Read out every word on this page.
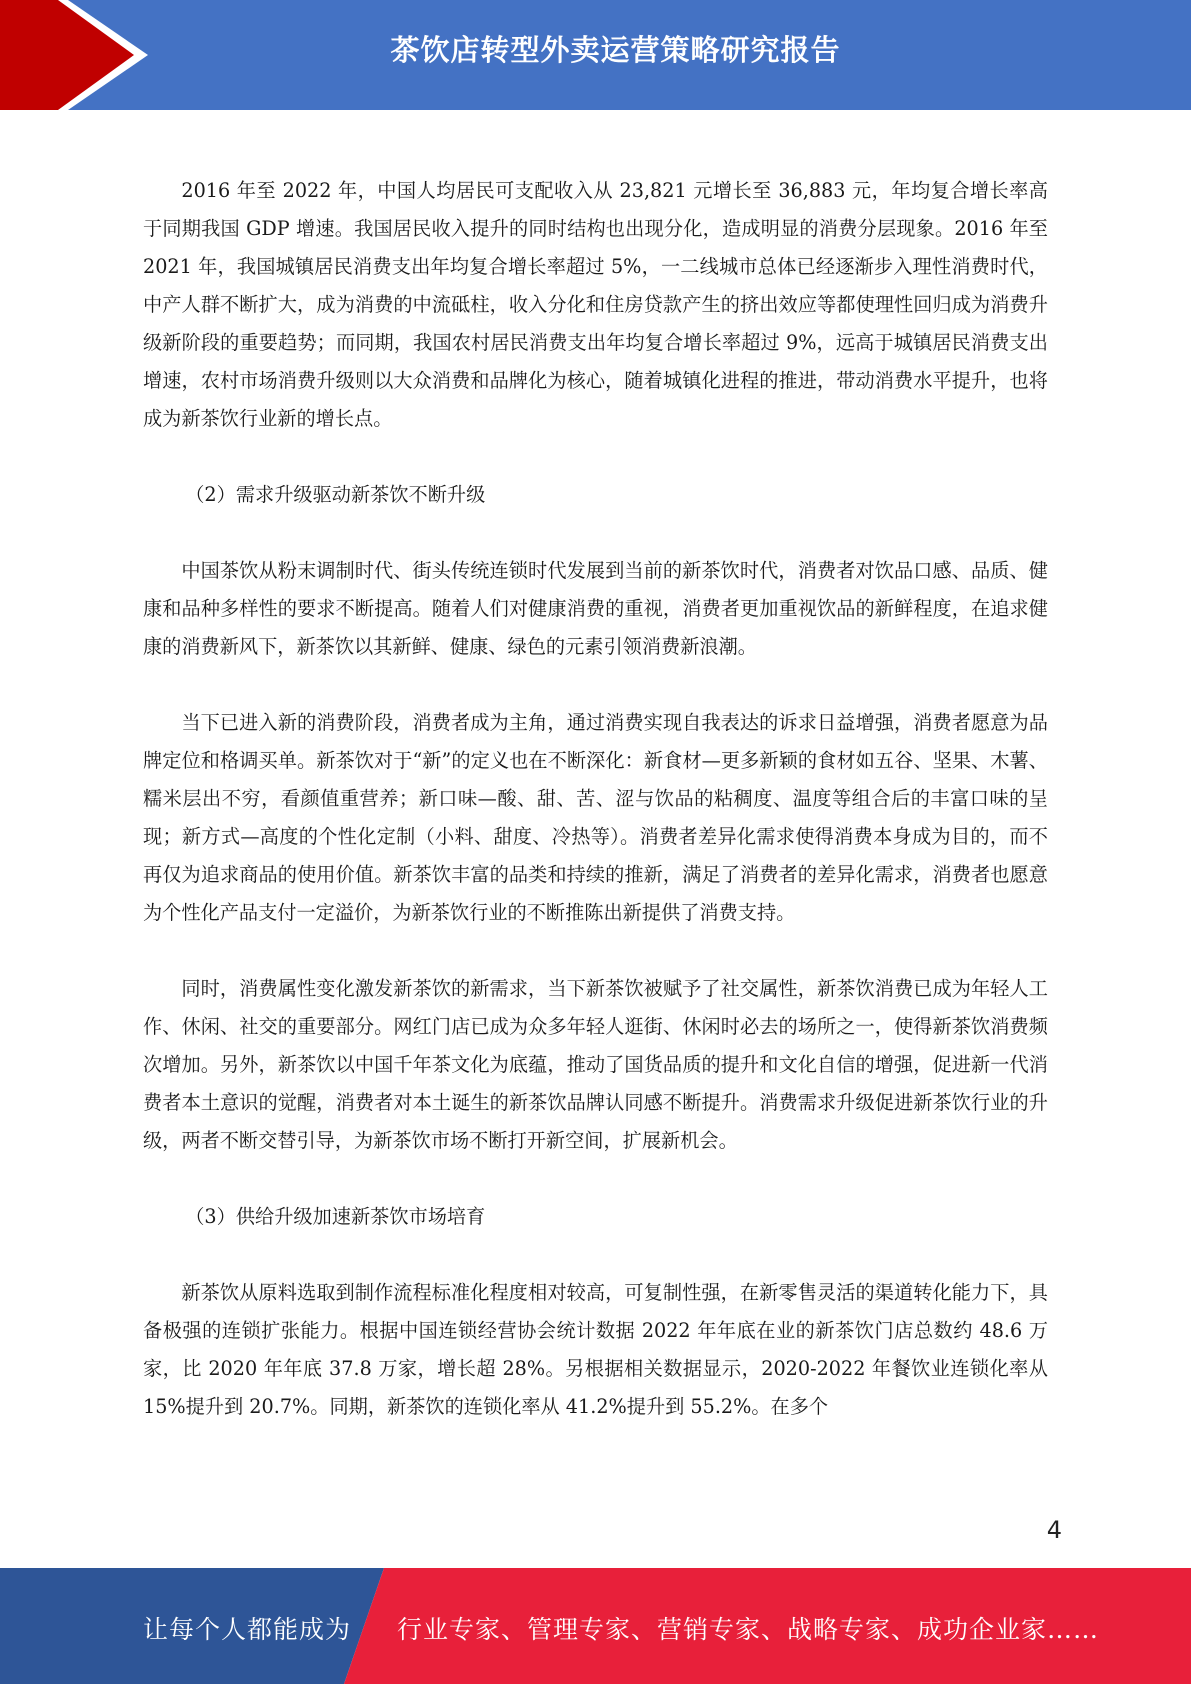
茶饮店转型外卖运营策略研究报告

2016 年至 2022 年，中国人均居民可支配收入从 23,821 元增长至 36,883 元，年均复合增长率高于同期我国 GDP 增速。我国居民收入提升的同时结构也出现分化，造成明显的消费分层现象。2016 年至 2021 年，我国城镇居民消费支出年均复合增长率超过 5%，一二线城市总体已经逐渐步入理性消费时代，中产人群不断扩大，成为消费的中流砥柱，收入分化和住房贷款产生的挤出效应等都使理性回归成为消费升级新阶段的重要趋势；而同期，我国农村居民消费支出年均复合增长率超过 9%，远高于城镇居民消费支出增速，农村市场消费升级则以大众消费和品牌化为核心，随着城镇化进程的推进，带动消费水平提升，也将成为新茶饮行业新的增长点。

（2）需求升级驱动新茶饮不断升级

中国茶饮从粉末调制时代、街头传统连锁时代发展到当前的新茶饮时代，消费者对饮品口感、品质、健康和品种多样性的要求不断提高。随着人们对健康消费的重视，消费者更加重视饮品的新鲜程度，在追求健康的消费新风下，新茶饮以其新鲜、健康、绿色的元素引领消费新浪潮。

当下已进入新的消费阶段，消费者成为主角，通过消费实现自我表达的诉求日益增强，消费者愿意为品牌定位和格调买单。新茶饮对于“新”的定义也在不断深化：新食材—更多新颖的食材如五谷、坚果、木薯、糯米层出不穷，看颜值重营养；新口味—酸、甜、苦、涩与饮品的粘稠度、温度等组合后的丰富口味的呈现；新方式—高度的个性化定制（小料、甜度、冷热等）。消费者差异化需求使得消费本身成为目的，而不再仅为追求商品的使用价值。新茶饮丰富的品类和持续的推新，满足了消费者的差异化需求，消费者也愿意为个性化产品支付一定溢价，为新茶饮行业的不断推陈出新提供了消费支持。

同时，消费属性变化激发新茶饮的新需求，当下新茶饮被赋予了社交属性，新茶饮消费已成为年轻人工作、休闲、社交的重要部分。网红门店已成为众多年轻人逛街、休闲时必去的场所之一，使得新茶饮消费频次增加。另外，新茶饮以中国千年茶文化为底蕴，推动了国货品质的提升和文化自信的增强，促进新一代消费者本土意识的觉醒，消费者对本土诞生的新茶饮品牌认同感不断提升。消费需求升级促进新茶饮行业的升级，两者不断交替引导，为新茶饮市场不断打开新空间，扩展新机会。

（3）供给升级加速新茶饮市场培育

新茶饮从原料选取到制作流程标准化程度相对较高，可复制性强，在新零售灵活的渠道转化能力下，具备极强的连锁扩张能力。根据中国连锁经营协会统计数据 2022 年年底在业的新茶饮门店总数约 48.6 万家，比 2020 年年底 37.8 万家，增长超 28%。另根据相关数据显示，2020-2022 年餐饮业连锁化率从 15%提升到 20.7%。同期，新茶饮的连锁化率从 41.2%提升到 55.2%。在多个

4
让每个人都能成为 行业专家、管理专家、营销专家、战略专家、成功企业家……
